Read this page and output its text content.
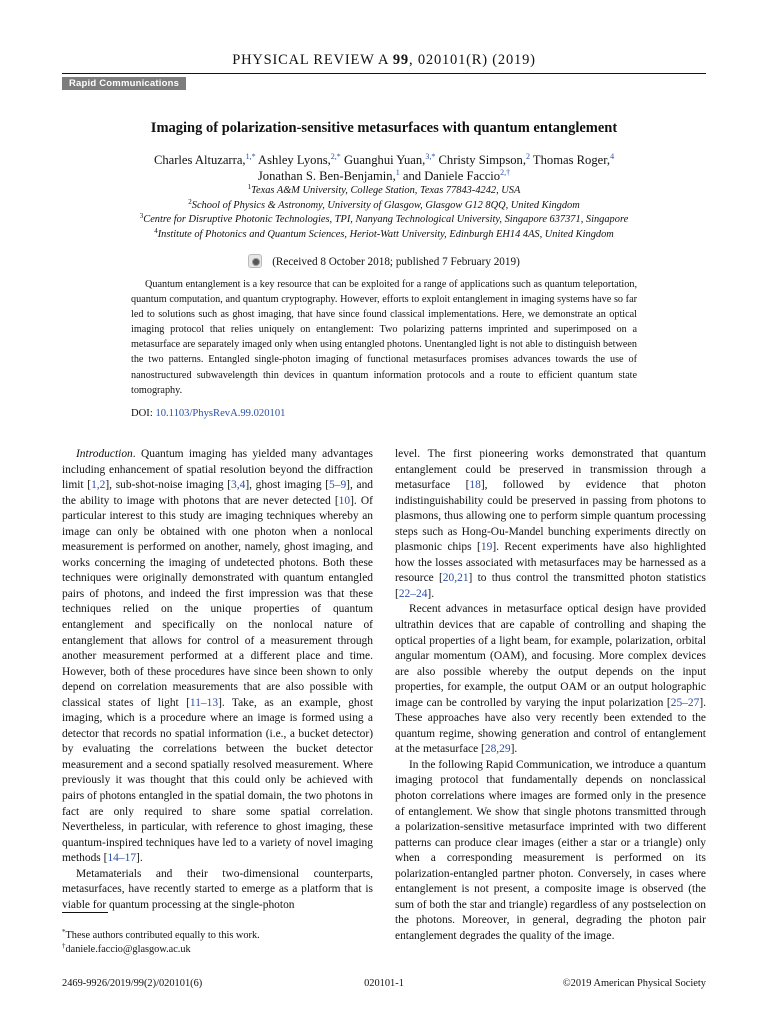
PHYSICAL REVIEW A 99, 020101(R) (2019)
Rapid Communications
Imaging of polarization-sensitive metasurfaces with quantum entanglement
Charles Altuzarra,$^{1,*}$ Ashley Lyons,$^{2,*}$ Guanghui Yuan,$^{3,*}$ Christy Simpson,$^2$ Thomas Roger,$^4$
Jonathan S. Ben-Benjamin,$^1$ and Daniele Faccio$^{2,\dagger}$
$^1$Texas A&M University, College Station, Texas 77843-4242, USA
$^2$School of Physics & Astronomy, University of Glasgow, Glasgow G12 8QQ, United Kingdom
$^3$Centre for Disruptive Photonic Technologies, TPI, Nanyang Technological University, Singapore 637371, Singapore
$^4$Institute of Photonics and Quantum Sciences, Heriot-Watt University, Edinburgh EH14 4AS, United Kingdom
(Received 8 October 2018; published 7 February 2019)
Quantum entanglement is a key resource that can be exploited for a range of applications such as quantum teleportation, quantum computation, and quantum cryptography. However, efforts to exploit entanglement in imaging systems have so far led to solutions such as ghost imaging, that have since found classical implementations. Here, we demonstrate an optical imaging protocol that relies uniquely on entanglement: Two polarizing patterns imprinted and superimposed on a metasurface are separately imaged only when using entangled photons. Unentangled light is not able to distinguish between the two patterns. Entangled single-photon imaging of functional metasurfaces promises advances towards the use of nanostructured subwavelength thin devices in quantum information protocols and a route to efficient quantum state tomography.
DOI: 10.1103/PhysRevA.99.020101

Introduction. Quantum imaging has yielded many advantages including enhancement of spatial resolution beyond the diffraction limit [1,2], sub-shot-noise imaging [3,4], ghost imaging [5–9], and the ability to image with photons that are never detected [10]. Of particular interest to this study are imaging techniques whereby an image can only be obtained with one photon when a nonlocal measurement is performed on another, namely, ghost imaging, and works concerning the imaging of undetected photons. Both these techniques were originally demonstrated with quantum entangled pairs of photons, and indeed the first impression was that these techniques relied on the unique properties of quantum entanglement and specifically on the nonlocal nature of entanglement that allows for control of a measurement through another measurement performed at a different place and time. However, both of these procedures have since been shown to only depend on correlation measurements that are also possible with classical states of light [11–13]. Take, as an example, ghost imaging, which is a procedure where an image is formed using a detector that records no spatial information (i.e., a bucket detector) by evaluating the correlations between the bucket detector measurement and a second spatially resolved measurement. Where previously it was thought that this could only be achieved with pairs of photons entangled in the spatial domain, the two photons in fact are only required to share some spatial correlation. Nevertheless, in particular, with reference to ghost imaging, these quantum-inspired techniques have led to a variety of novel imaging methods [14–17].

Metamaterials and their two-dimensional counterparts, metasurfaces, have recently started to emerge as a platform that is viable for quantum processing at the single-photon

level. The first pioneering works demonstrated that quantum entanglement could be preserved in transmission through a metasurface [18], followed by evidence that photon indistinguishability could be preserved in passing from photons to plasmons, thus allowing one to perform simple quantum processing steps such as Hong-Ou-Mandel bunching experiments directly on plasmonic chips [19]. Recent experiments have also highlighted how the losses associated with metasurfaces may be harnessed as a resource [20,21] to thus control the transmitted photon statistics [22–24].

Recent advances in metasurface optical design have provided ultrathin devices that are capable of controlling and shaping the optical properties of a light beam, for example, polarization, orbital angular momentum (OAM), and focusing. More complex devices are also possible whereby the output depends on the input properties, for example, the output OAM or an output holographic image can be controlled by varying the input polarization [25–27]. These approaches have also very recently been extended to the quantum regime, showing generation and control of entanglement at the metasurface [28,29].

In the following Rapid Communication, we introduce a quantum imaging protocol that fundamentally depends on nonclassical photon correlations where images are formed only in the presence of entanglement. We show that single photons transmitted through a polarization-sensitive metasurface imprinted with two different patterns can produce clear images (either a star or a triangle) only when a corresponding measurement is performed on its polarization-entangled partner photon. Conversely, in cases where entanglement is not present, a composite image is observed (the sum of both the star and triangle) regardless of any postselection on the photons. Moreover, in general, degrading the photon pair entanglement degrades the quality of the image.

*These authors contributed equally to this work.
†daniele.faccio@glasgow.ac.uk
2469-9926/2019/99(2)/020101(6)	020101-1	©2019 American Physical Society
